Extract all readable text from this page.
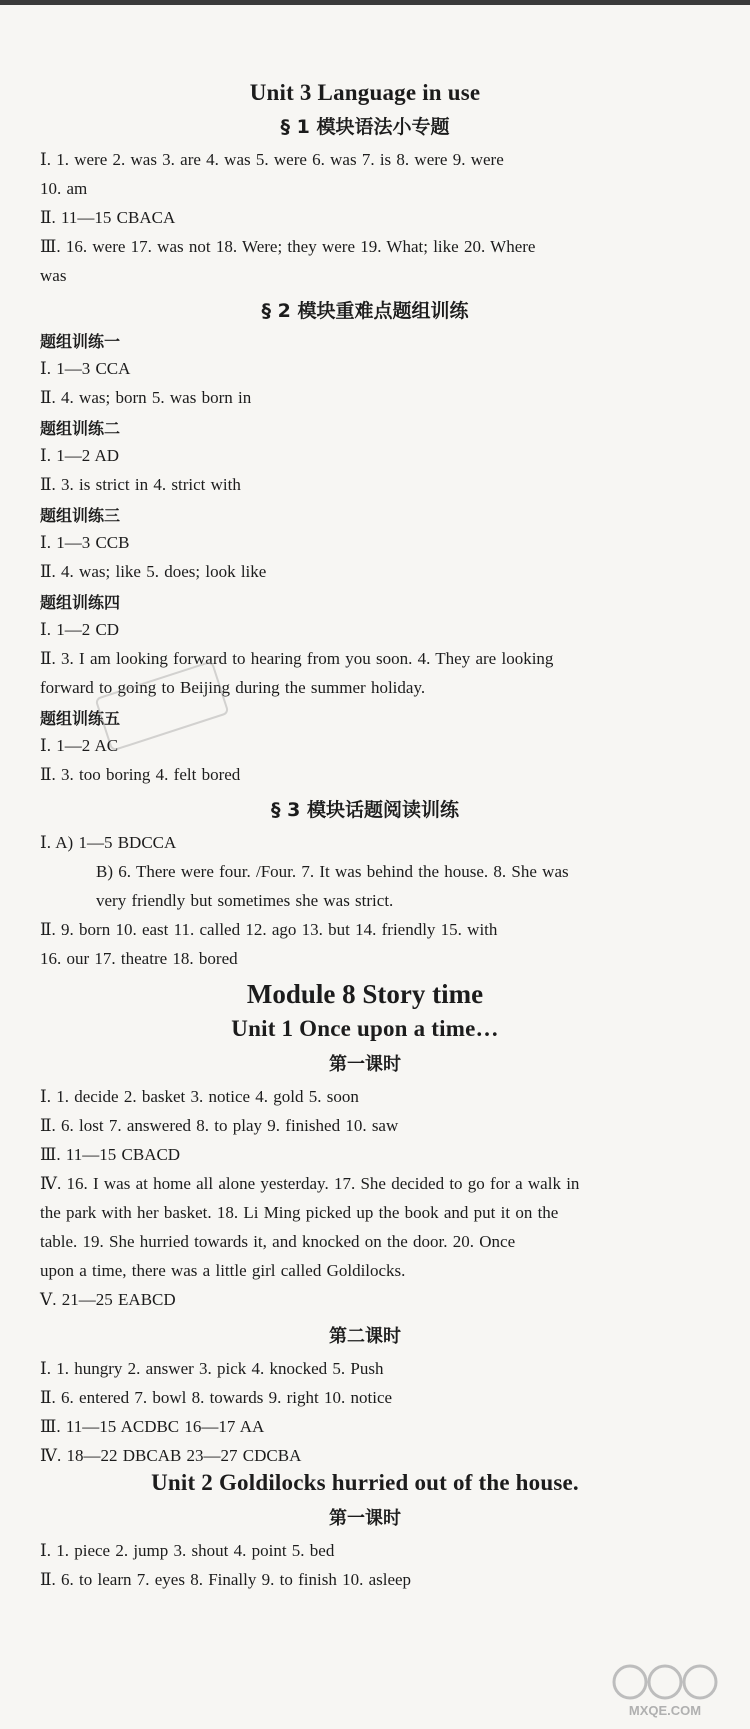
Unit 3 Language in use
§ 1 模块语法小专题
Ⅰ. 1. were 2. was 3. are 4. was 5. were 6. was 7. is 8. were 9. were
10. am
Ⅱ. 11—15 CBACA
Ⅲ. 16. were 17. was not 18. Were; they were 19. What; like 20. Where
was
§ 2 模块重难点题组训练
题组训练一
Ⅰ. 1—3 CCA
Ⅱ. 4. was; born 5. was born in
题组训练二
Ⅰ. 1—2 AD
Ⅱ. 3. is strict in 4. strict with
题组训练三
Ⅰ. 1—3 CCB
Ⅱ. 4. was; like 5. does; look like
题组训练四
Ⅰ. 1—2 CD
Ⅱ. 3. I am looking forward to hearing from you soon. 4. They are looking
forward to going to Beijing during the summer holiday.
题组训练五
Ⅰ. 1—2 AC
Ⅱ. 3. too boring 4. felt bored
§ 3 模块话题阅读训练
Ⅰ. A) 1—5 BDCCA
B) 6. There were four. /Four. 7. It was behind the house. 8. She was
very friendly but sometimes she was strict.
Ⅱ. 9. born 10. east 11. called 12. ago 13. but 14. friendly 15. with
16. our 17. theatre 18. bored
Module 8 Story time
Unit 1 Once upon a time…
第一课时
Ⅰ. 1. decide 2. basket 3. notice 4. gold 5. soon
Ⅱ. 6. lost 7. answered 8. to play 9. finished 10. saw
Ⅲ. 11—15 CBACD
Ⅳ. 16. I was at home all alone yesterday. 17. She decided to go for a walk in
the park with her basket. 18. Li Ming picked up the book and put it on the
table. 19. She hurried towards it, and knocked on the door. 20. Once
upon a time, there was a little girl called Goldilocks.
Ⅴ. 21—25 EABCD
第二课时
Ⅰ. 1. hungry 2. answer 3. pick 4. knocked 5. Push
Ⅱ. 6. entered 7. bowl 8. towards 9. right 10. notice
Ⅲ. 11—15 ACDBC 16—17 AA
Ⅳ. 18—22 DBCAB 23—27 CDCBA
Unit 2 Goldilocks hurried out of the house.
第一课时
Ⅰ. 1. piece 2. jump 3. shout 4. point 5. bed
Ⅱ. 6. to learn 7. eyes 8. Finally 9. to finish 10. asleep
MXQE.COM
